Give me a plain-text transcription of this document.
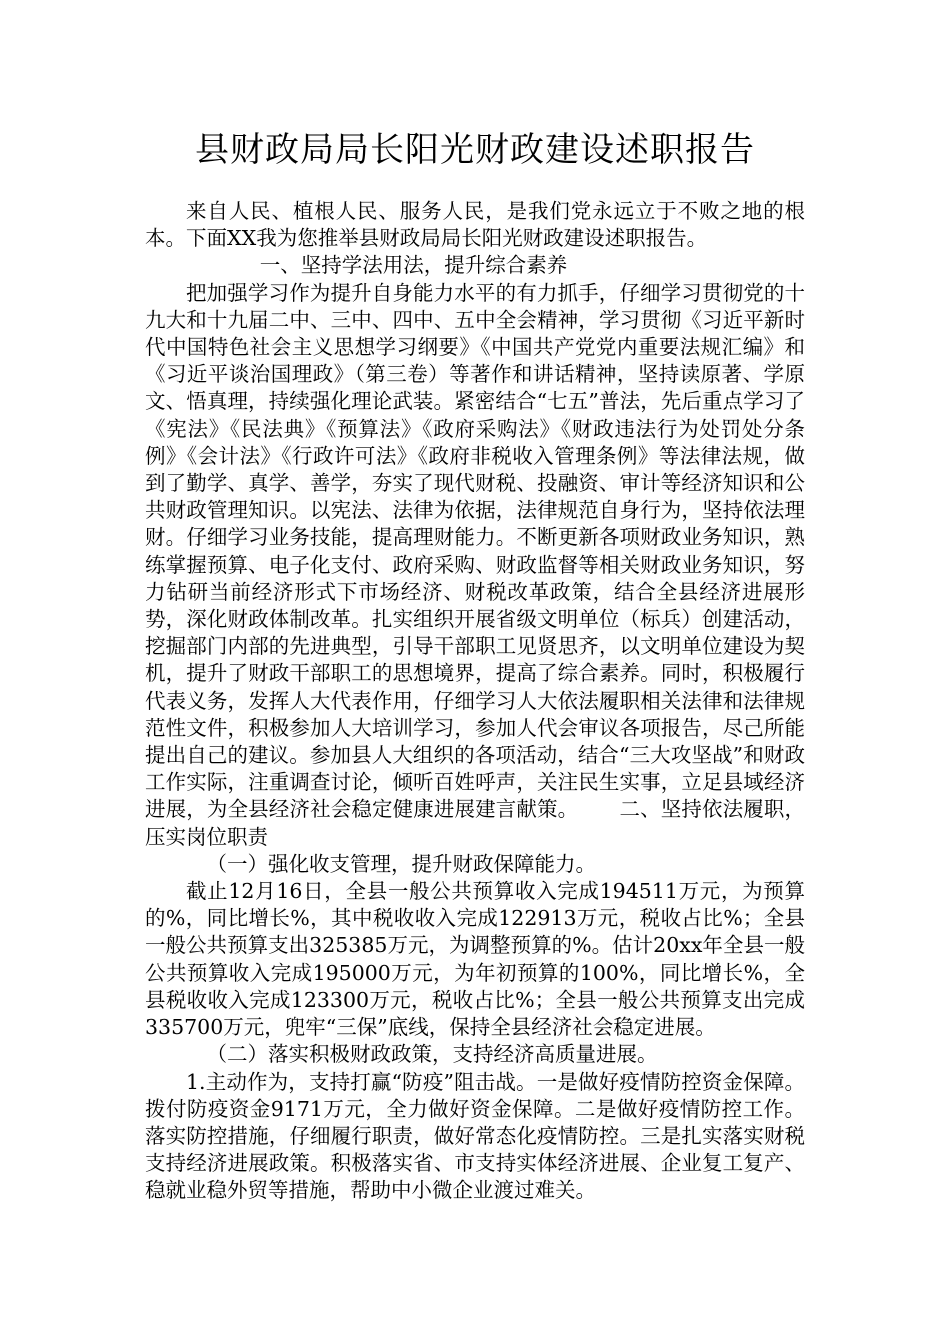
县财政局局长阳光财政建设述职报告

来自人民、植根人民、服务人民，是我们党永远立于不败之地的根本。下面XX我为您推举县财政局局长阳光财政建设述职报告。

一、坚持学法用法，提升综合素养

把加强学习作为提升自身能力水平的有力抓手，仔细学习贯彻党的十九大和十九届二中、三中、四中、五中全会精神，学习贯彻《习近平新时代中国特色社会主义思想学习纲要》《中国共产党党内重要法规汇编》和《习近平谈治国理政》（第三卷）等著作和讲话精神，坚持读原著、学原文、悟真理，持续强化理论武装。紧密结合“七五”普法，先后重点学习了《宪法》《民法典》《预算法》《政府采购法》《财政违法行为处罚处分条例》《会计法》《行政许可法》《政府非税收入管理条例》等法律法规，做到了勤学、真学、善学，夯实了现代财税、投融资、审计等经济知识和公共财政管理知识。以宪法、法律为依据，法律规范自身行为，坚持依法理财。仔细学习业务技能，提高理财能力。不断更新各项财政业务知识，熟练掌握预算、电子化支付、政府采购、财政监督等相关财政业务知识，努力钻研当前经济形式下市场经济、财税改革政策，结合全县经济进展形势，深化财政体制改革。扎实组织开展省级文明单位（标兵）创建活动，挖掘部门内部的先进典型，引导干部职工见贤思齐，以文明单位建设为契机，提升了财政干部职工的思想境界，提高了综合素养。同时，积极履行代表义务，发挥人大代表作用，仔细学习人大依法履职相关法律和法律规范性文件，积极参加人大培训学习，参加人代会审议各项报告，尽己所能提出自己的建议。参加县人大组织的各项活动，结合“三大攻坚战”和财政工作实际，注重调查讨论，倾听百姓呼声，关注民生实事，立足县域经济进展，为全县经济社会稳定健康进展建言献策。   二、坚持依法履职，压实岗位职责

（一）强化收支管理，提升财政保障能力。

截止12月16日，全县一般公共预算收入完成194511万元，为预算的%，同比增长%，其中税收收入完成122913万元，税收占比%；全县一般公共预算支出325385万元，为调整预算的%。估计20xx年全县一般公共预算收入完成195000万元，为年初预算的100%，同比增长%，全县税收收入完成123300万元，税收占比%；全县一般公共预算支出完成335700万元，兜牢“三保”底线，保持全县经济社会稳定进展。

（二）落实积极财政政策，支持经济高质量进展。

1.主动作为，支持打赢“防疫”阻击战。一是做好疫情防控资金保障。拨付防疫资金9171万元，全力做好资金保障。二是做好疫情防控工作。落实防控措施，仔细履行职责，做好常态化疫情防控。三是扎实落实财税支持经济进展政策。积极落实省、市支持实体经济进展、企业复工复产、稳就业稳外贸等措施，帮助中小微企业渡过难关。
